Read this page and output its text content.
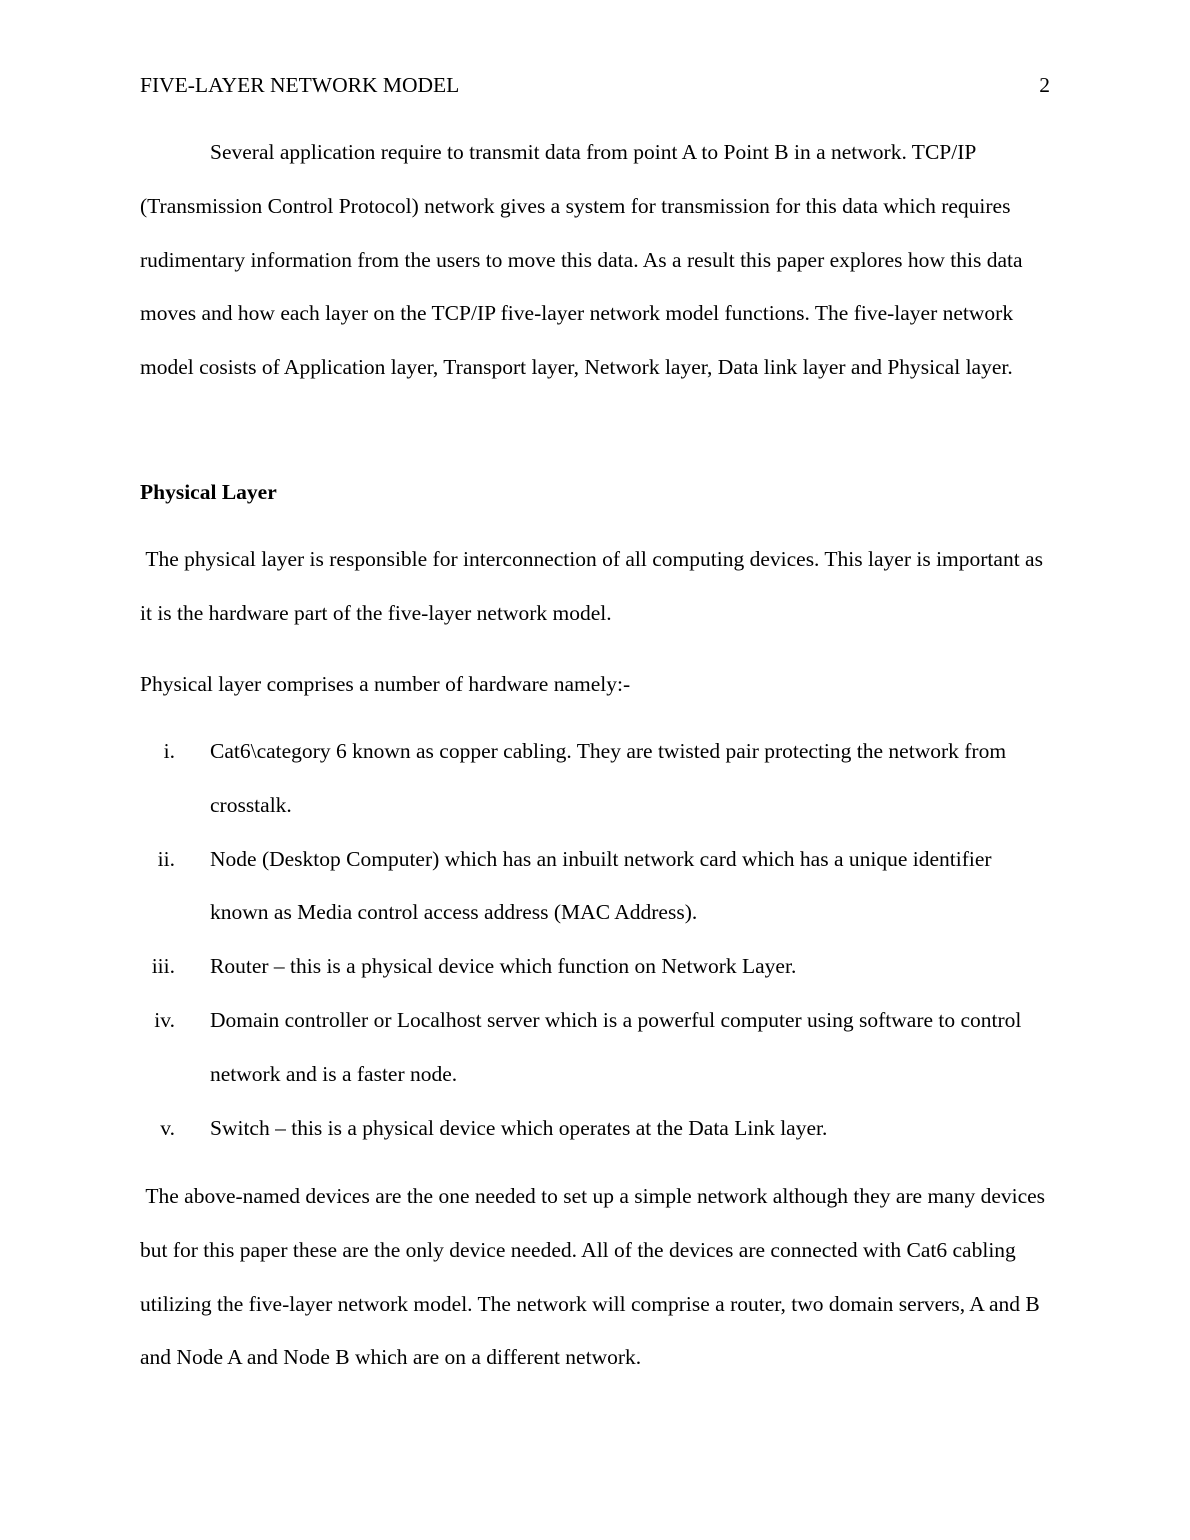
FIVE-LAYER NETWORK MODEL	2

Several application require to transmit data from point A to Point B in a network. TCP/IP (Transmission Control Protocol) network gives a system for transmission for this data which requires rudimentary information from the users to move this data. As a result this paper explores how this data moves and how each layer on the TCP/IP five-layer network model functions. The five-layer network model cosists of Application layer, Transport layer, Network layer, Data link layer and Physical layer.

Physical Layer

The physical layer is responsible for interconnection of all computing devices. This layer is important as it is the hardware part of the five-layer network model.

Physical layer comprises a number of hardware namely:-

i. Cat6\category 6 known as copper cabling. They are twisted pair protecting the network from crosstalk.
ii. Node (Desktop Computer) which has an inbuilt network card which has a unique identifier known as Media control access address (MAC Address).
iii. Router – this is a physical device which function on Network Layer.
iv. Domain controller or Localhost server which is a powerful computer using software to control network and is a faster node.
v. Switch – this is a physical device which operates at the Data Link layer.

The above-named devices are the one needed to set up a simple network although they are many devices but for this paper these are the only device needed. All of the devices are connected with Cat6 cabling utilizing the five-layer network model. The network will comprise a router, two domain servers, A and B and Node A and Node B which are on a different network.
